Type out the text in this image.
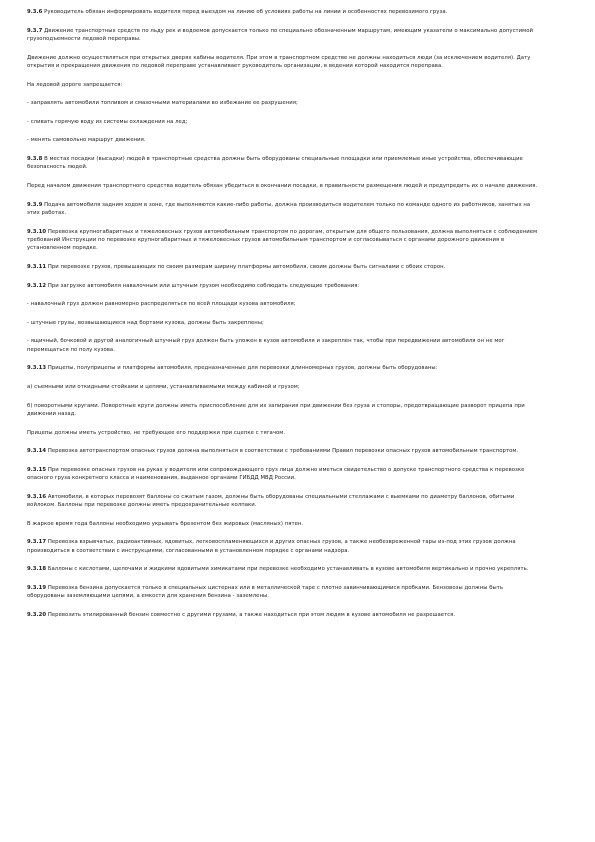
9.3.6 Руководитель обязан информировать водителя перед выездом на линию об условиях работы на линии и особенностях перевозимого груза.
9.3.7 Движение транспортных средств по льду рек и водоемов допускается только по специально обозначенным маршрутам, имеющим указатели о максимально допустимой грузоподъемности ледовой переправы.
Движение должно осуществляться при открытых дверях кабины водителя. При этом в транспортном средстве не должны находиться люди (за исключением водителя). Дату открытия и прекращения движения по ледовой переправе устанавливает руководитель организации, в ведении которой находится переправа.
На ледовой дороге запрещается:
- заправлять автомобили топливом и смазочными материалами во избежание ее разрушения;
- сливать горячую воду из системы охлаждения на лед;
- менять самовольно маршрут движения.
9.3.8 В местах посадки (высадки) людей в транспортные средства должны быть оборудованы специальные площадки или приемлемые иные устройства, обеспечивающие безопасность людей.
Перед началом движения транспортного средства водитель обязан убедиться в окончании посадки, в правильности размещения людей и предупредить их о начале движения.
9.3.9 Подача автомобиля задним ходом в зоне, где выполняются какие-либо работы, должна производиться водителем только по команде одного из работников, занятых на этих работах.
9.3.10 Перевозка крупногабаритных и тяжеловесных грузов автомобильным транспортом по дорогам, открытым для общего пользования, должна выполняться с соблюдением требований Инструкции по перевозке крупногабаритных и тяжеловесных грузов автомобильным транспортом и согласовываться с органами дорожного движения в установленном порядке.
9.3.11 При перевозке грузов, превышающих по своим размерам ширину платформы автомобиля, своим должны быть сигналами с обоих сторон.
9.3.12 При загрузке автомобиля навалочным или штучным грузом необходимо соблюдать следующие требования:
- навалочный груз должен равномерно распределяться по всей площади кузова автомобиля;
- штучные грузы, возвышающиеся над бортами кузова, должны быть закреплены;
- ящичный, бочковой и другой аналогичный штучный груз должен быть уложен в кузов автомобиля и закреплен так, чтобы при передвижении автомобиля он не мог перемещаться по полу кузова.
9.3.13 Прицепы, полуприцепы и платформы автомобиля, предназначенные для перевозки длинномерных грузов, должны быть оборудованы:
а) съемными или откидными стойками и цепями, устанавливаемыми между кабиной и грузом;
б) поворотными кругами. Поворотные круги должны иметь приспособление для их запирания при движении без груза и стопоры, предотвращающие разворот прицепа при движении назад.
Прицепы должны иметь устройство, не требующее его поддержки при сцепке с тягачом.
9.3.14 Перевозка автотранспортом опасных грузов должна выполняться в соответствии с требованиями Правил перевозки опасных грузов автомобильным транспортом.
9.3.15 При перевозке опасных грузов на руках у водителя или сопровождающего груз лица должно иметься свидетельство о допуске транспортного средства к перевозке опасного груза конкретного класса и наименования, выданное органами ГИБДД МВД России.
9.3.16 Автомобили, в которых перевозят баллоны со сжатым газом, должны быть оборудованы специальными стеллажами с выемками по диаметру баллонов, обитыми войлоком. Баллоны при перевозке должны иметь предохранительные колпаки.
В жаркое время года баллоны необходимо укрывать брезентом без жировых (масляных) пятен.
9.3.17 Перевозка взрывчатых, радиоактивных, ядовитых, легковоспламеняющихся и других опасных грузов, а также необезвреженной тары из-под этих грузов должна производиться в соответствии с инструкциями, согласованными в установленном порядке с органами надзора.
9.3.18 Баллоны с кислотами, щелочами и жидкими ядовитыми химикатами при перевозке необходимо устанавливать в кузове автомобиля вертикально и прочно укреплять.
9.3.19 Перевозка бензина допускается только в специальных цистернах или в металлической таре с плотно завинчивающимися пробками. Бензовозы должны быть оборудованы заземляющими цепями, а емкости для хранения бензина - заземлены.
9.3.20 Перевозить этилированный бензин совместно с другими грузами, а также находиться при этом людям в кузове автомобиля не разрешается.
